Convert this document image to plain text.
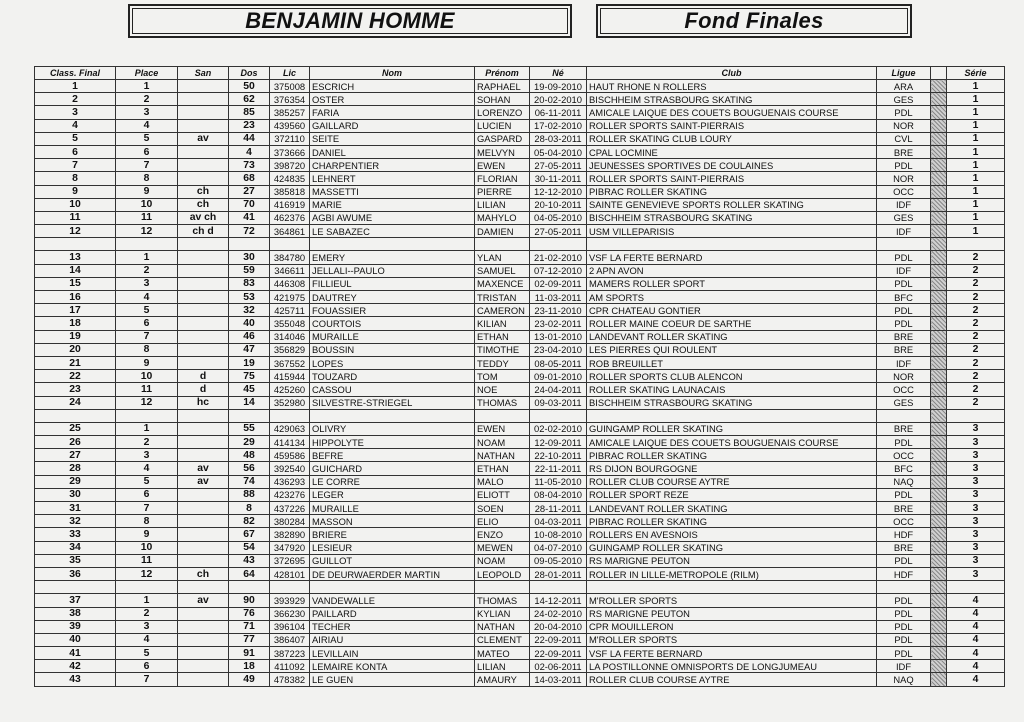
BENJAMIN HOMME	Fond Finales
Class. Final	Place	San	Dos	Lic	Nom	Prénom	Né	Club	Ligue		Série
1	1		50	375008	ESCRICH	RAPHAEL	19-09-2010	HAUT RHONE N ROLLERS	ARA		1
2	2		62	376354	OSTER	SOHAN	20-02-2010	BISCHHEIM STRASBOURG SKATING	GES		1
3	3		85	385257	FARIA	LORENZO	06-11-2011	AMICALE LAIQUE DES COUETS BOUGUENAIS COURSE	PDL		1
4	4		23	439560	GAILLARD	LUCIEN	17-02-2010	ROLLER SPORTS SAINT-PIERRAIS	NOR		1
5	5	av	44	372110	SEITE	GASPARD	28-03-2011	ROLLER SKATING CLUB LOURY	CVL		1
6	6		4	373666	DANIEL	MELVYN	05-04-2010	CPAL LOCMINE	BRE		1
7	7		73	398720	CHARPENTIER	EWEN	27-05-2011	JEUNESSES SPORTIVES DE COULAINES	PDL		1
8	8		68	424835	LEHNERT	FLORIAN	30-11-2011	ROLLER SPORTS SAINT-PIERRAIS	NOR		1
9	9	ch	27	385818	MASSETTI	PIERRE	12-12-2010	PIBRAC ROLLER SKATING	OCC		1
10	10	ch	70	416919	MARIE	LILIAN	20-10-2011	SAINTE GENEVIEVE SPORTS ROLLER SKATING	IDF		1
11	11	av ch	41	462376	AGBI AWUME	MAHYLO	04-05-2010	BISCHHEIM STRASBOURG SKATING	GES		1
12	12	ch d	72	364861	LE SABAZEC	DAMIEN	27-05-2011	USM VILLEPARISIS	IDF		1

13	1		30	384780	EMERY	YLAN	21-02-2010	VSF LA FERTE BERNARD	PDL		2
14	2		59	346611	JELLALI--PAULO	SAMUEL	07-12-2010	2 APN AVON	IDF		2
15	3		83	446308	FILLIEUL	MAXENCE	02-09-2011	MAMERS ROLLER SPORT	PDL		2
16	4		53	421975	DAUTREY	TRISTAN	11-03-2011	AM SPORTS	BFC		2
17	5		32	425711	FOUASSIER	CAMERON	23-11-2010	CPR CHATEAU GONTIER	PDL		2
18	6		40	355048	COURTOIS	KILIAN	23-02-2011	ROLLER MAINE COEUR DE SARTHE	PDL		2
19	7		46	314046	MURAILLE	ETHAN	13-01-2010	LANDEVANT ROLLER SKATING	BRE		2
20	8		47	356829	BOUSSIN	TIMOTHE	23-04-2010	LES PIERRES QUI ROULENT	BRE		2
21	9		19	367552	LOPES	TEDDY	08-05-2011	ROB BREUILLET	IDF		2
22	10	d	75	415944	TOUZARD	TOM	09-01-2010	ROLLER SPORTS CLUB ALENCON	NOR		2
23	11	d	45	425260	CASSOU	NOE	24-04-2011	ROLLER SKATING LAUNACAIS	OCC		2
24	12	hc	14	352980	SILVESTRE-STRIEGEL	THOMAS	09-03-2011	BISCHHEIM STRASBOURG SKATING	GES		2

25	1		55	429063	OLIVRY	EWEN	02-02-2010	GUINGAMP ROLLER SKATING	BRE		3
26	2		29	414134	HIPPOLYTE	NOAM	12-09-2011	AMICALE LAIQUE DES COUETS BOUGUENAIS COURSE	PDL		3
27	3		48	459586	BEFRE	NATHAN	22-10-2011	PIBRAC ROLLER SKATING	OCC		3
28	4	av	56	392540	GUICHARD	ETHAN	22-11-2011	RS DIJON BOURGOGNE	BFC		3
29	5	av	74	436293	LE CORRE	MALO	11-05-2010	ROLLER CLUB COURSE AYTRE	NAQ		3
30	6		88	423276	LEGER	ELIOTT	08-04-2010	ROLLER SPORT REZE	PDL		3
31	7		8	437226	MURAILLE	SOEN	28-11-2011	LANDEVANT ROLLER SKATING	BRE		3
32	8		82	380284	MASSON	ELIO	04-03-2011	PIBRAC ROLLER SKATING	OCC		3
33	9		67	382890	BRIERE	ENZO	10-08-2010	ROLLERS EN AVESNOIS	HDF		3
34	10		54	347920	LESIEUR	MEWEN	04-07-2010	GUINGAMP ROLLER SKATING	BRE		3
35	11		43	372695	GUILLOT	NOAM	09-05-2010	RS MARIGNE PEUTON	PDL		3
36	12	ch	64	428101	DE DEURWAERDER MARTIN	LEOPOLD	28-01-2011	ROLLER IN LILLE-METROPOLE (RILM)	HDF		3

37	1	av	90	393929	VANDEWALLE	THOMAS	14-12-2011	M'ROLLER SPORTS	PDL		4
38	2		76	366230	PAILLARD	KYLIAN	24-02-2010	RS MARIGNE PEUTON	PDL		4
39	3		71	396104	TECHER	NATHAN	20-04-2010	CPR MOUILLERON	PDL		4
40	4		77	386407	AIRIAU	CLEMENT	22-09-2011	M'ROLLER SPORTS	PDL		4
41	5		91	387223	LEVILLAIN	MATEO	22-09-2011	VSF LA FERTE BERNARD	PDL		4
42	6		18	411092	LEMAIRE KONTA	LILIAN	02-06-2011	LA POSTILLONNE OMNISPORTS DE LONGJUMEAU	IDF		4
43	7		49	478382	LE GUEN	AMAURY	14-03-2011	ROLLER CLUB COURSE AYTRE	NAQ		4
